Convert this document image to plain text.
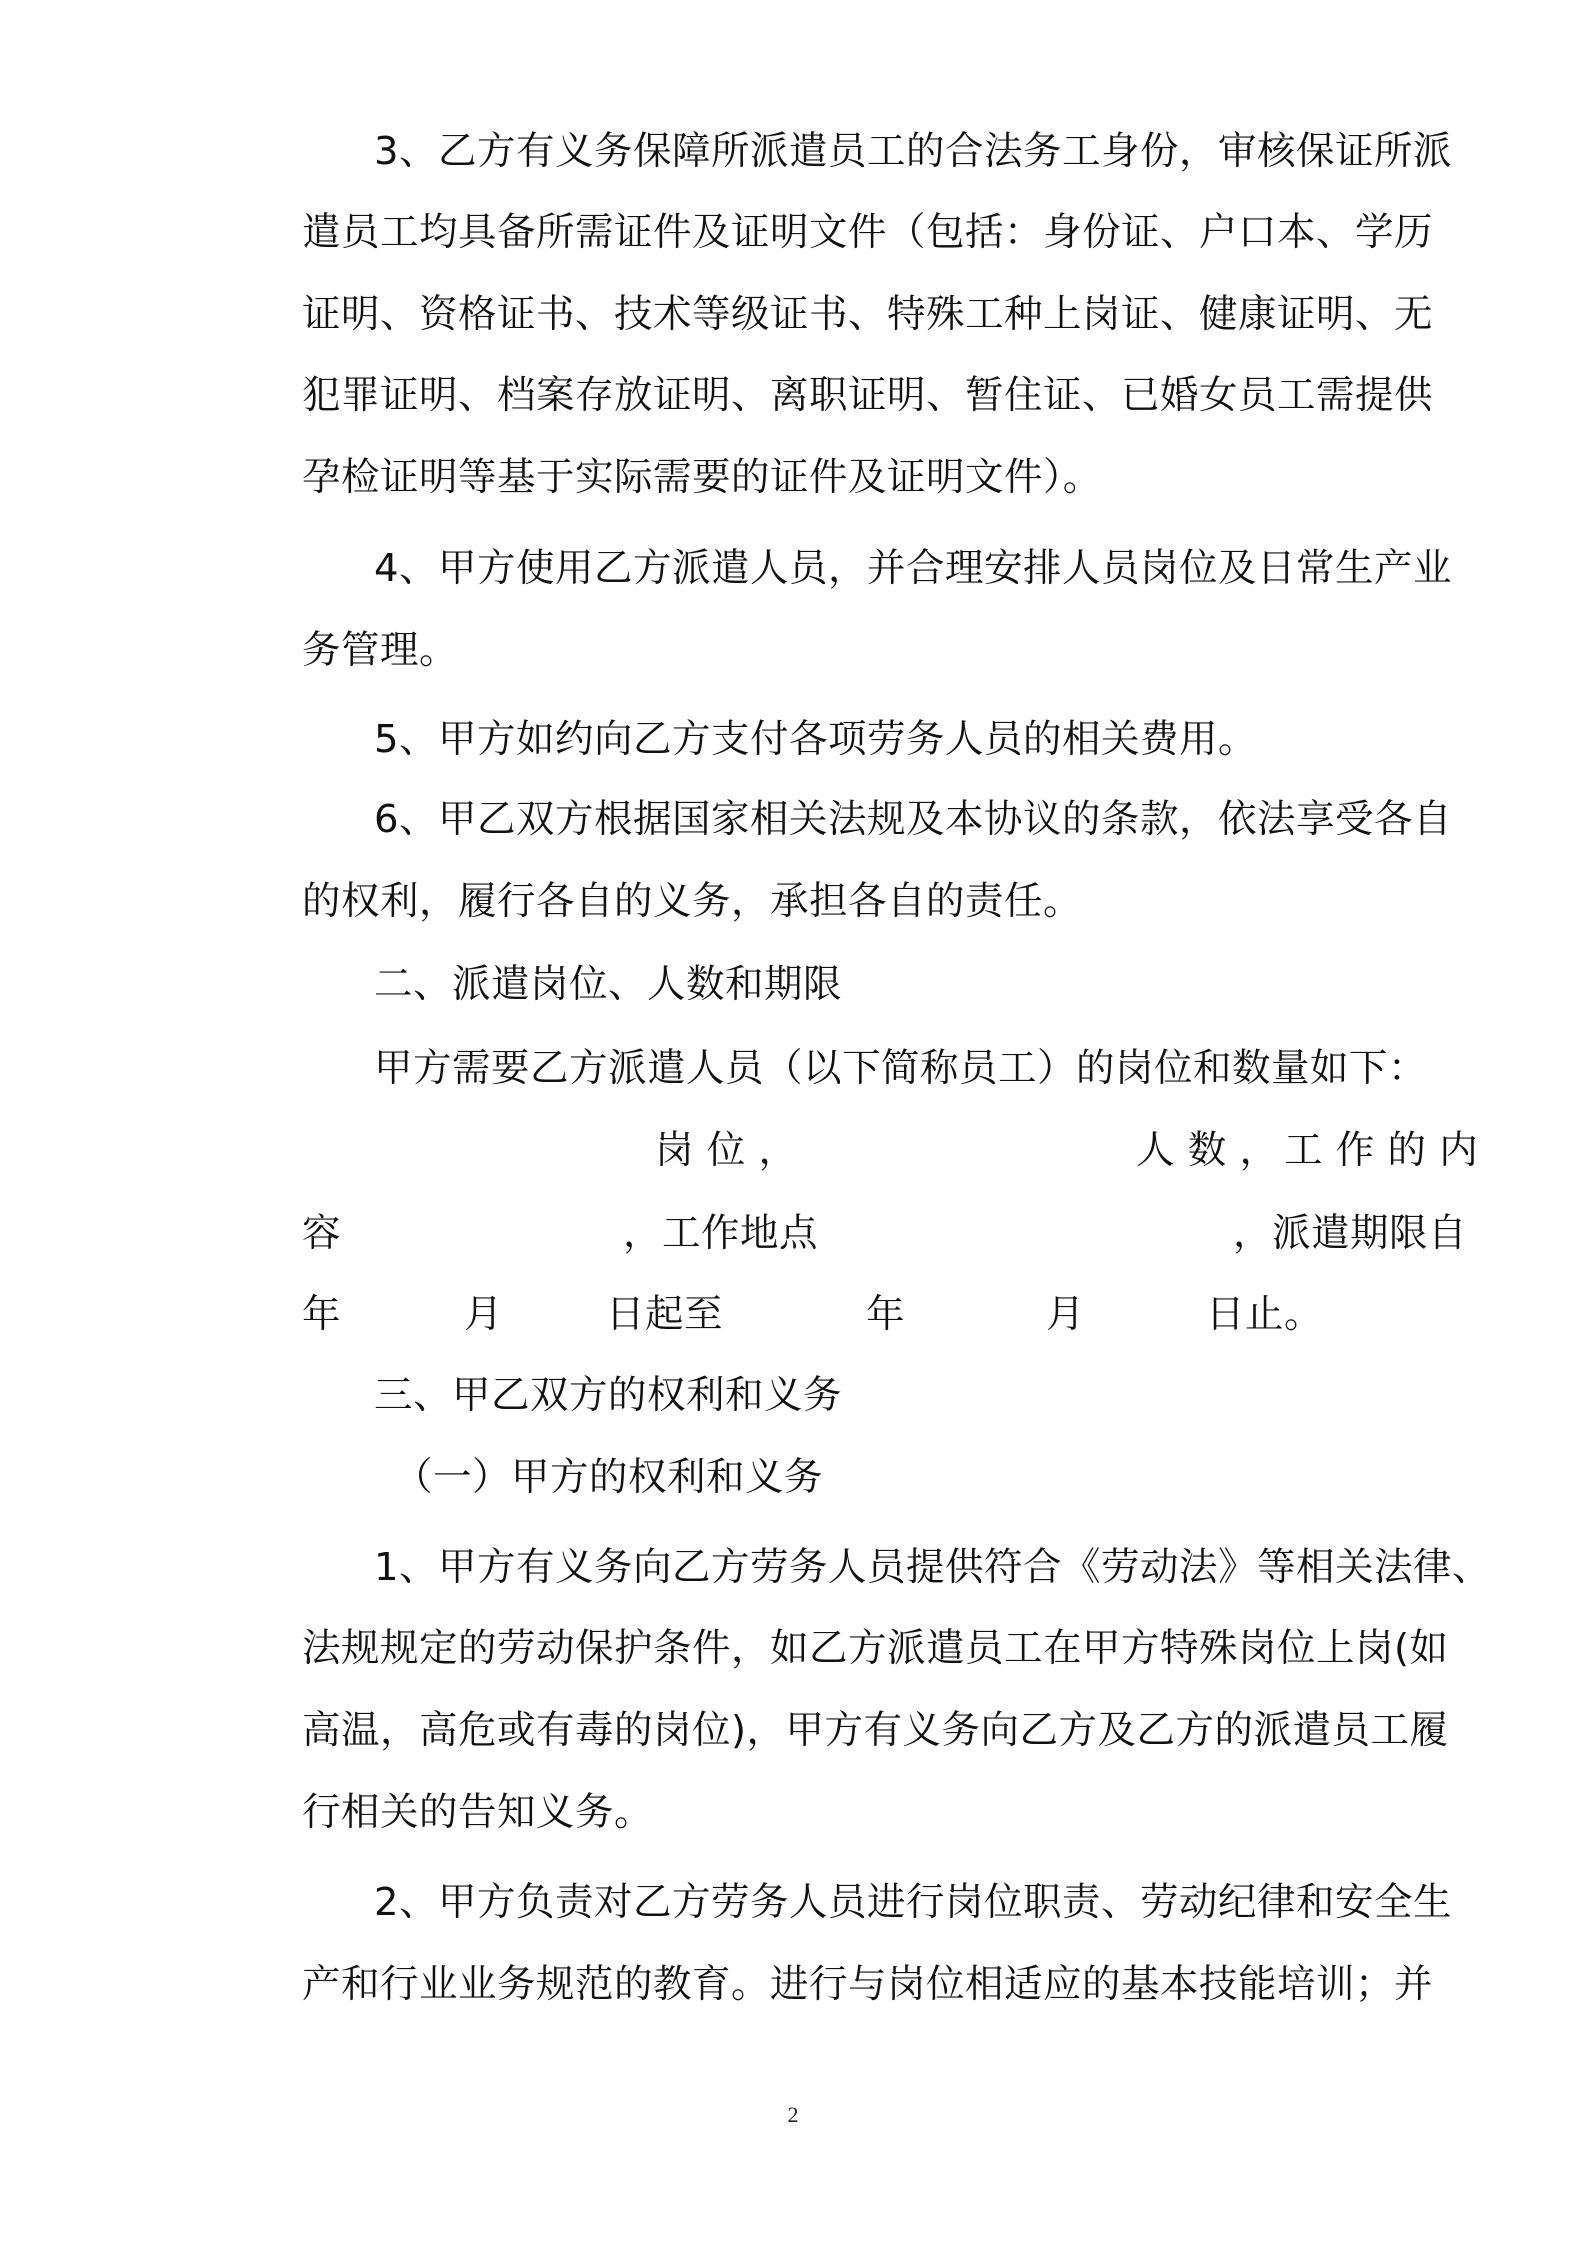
3、乙方有义务保障所派遣员工的合法务工身份，审核保证所派
遣员工均具备所需证件及证明文件（包括：身份证、户口本、学历
证明、资格证书、技术等级证书、特殊工种上岗证、健康证明、无
犯罪证明、档案存放证明、离职证明、暂住证、已婚女员工需提供
孕检证明等基于实际需要的证件及证明文件）。
4、甲方使用乙方派遣人员，并合理安排人员岗位及日常生产业
务管理。
5、甲方如约向乙方支付各项劳务人员的相关费用。
6、甲乙双方根据国家相关法规及本协议的条款，依法享受各自
的权利，履行各自的义务，承担各自的责任。
二、派遣岗位、人数和期限
甲方需要乙方派遣人员（以下简称员工）的岗位和数量如下：
岗 位 ，	人 数 ， 工 作 的 内
容	，工作地点	，派遣期限自
年	月	日起至	年	月	日止。
三、甲乙双方的权利和义务
（一）甲方的权利和义务
1、甲方有义务向乙方劳务人员提供符合《劳动法》等相关法律、
法规规定的劳动保护条件，如乙方派遣员工在甲方特殊岗位上岗(如
高温，高危或有毒的岗位)，甲方有义务向乙方及乙方的派遣员工履
行相关的告知义务。
2、甲方负责对乙方劳务人员进行岗位职责、劳动纪律和安全生
产和行业业务规范的教育。进行与岗位相适应的基本技能培训；并
2
